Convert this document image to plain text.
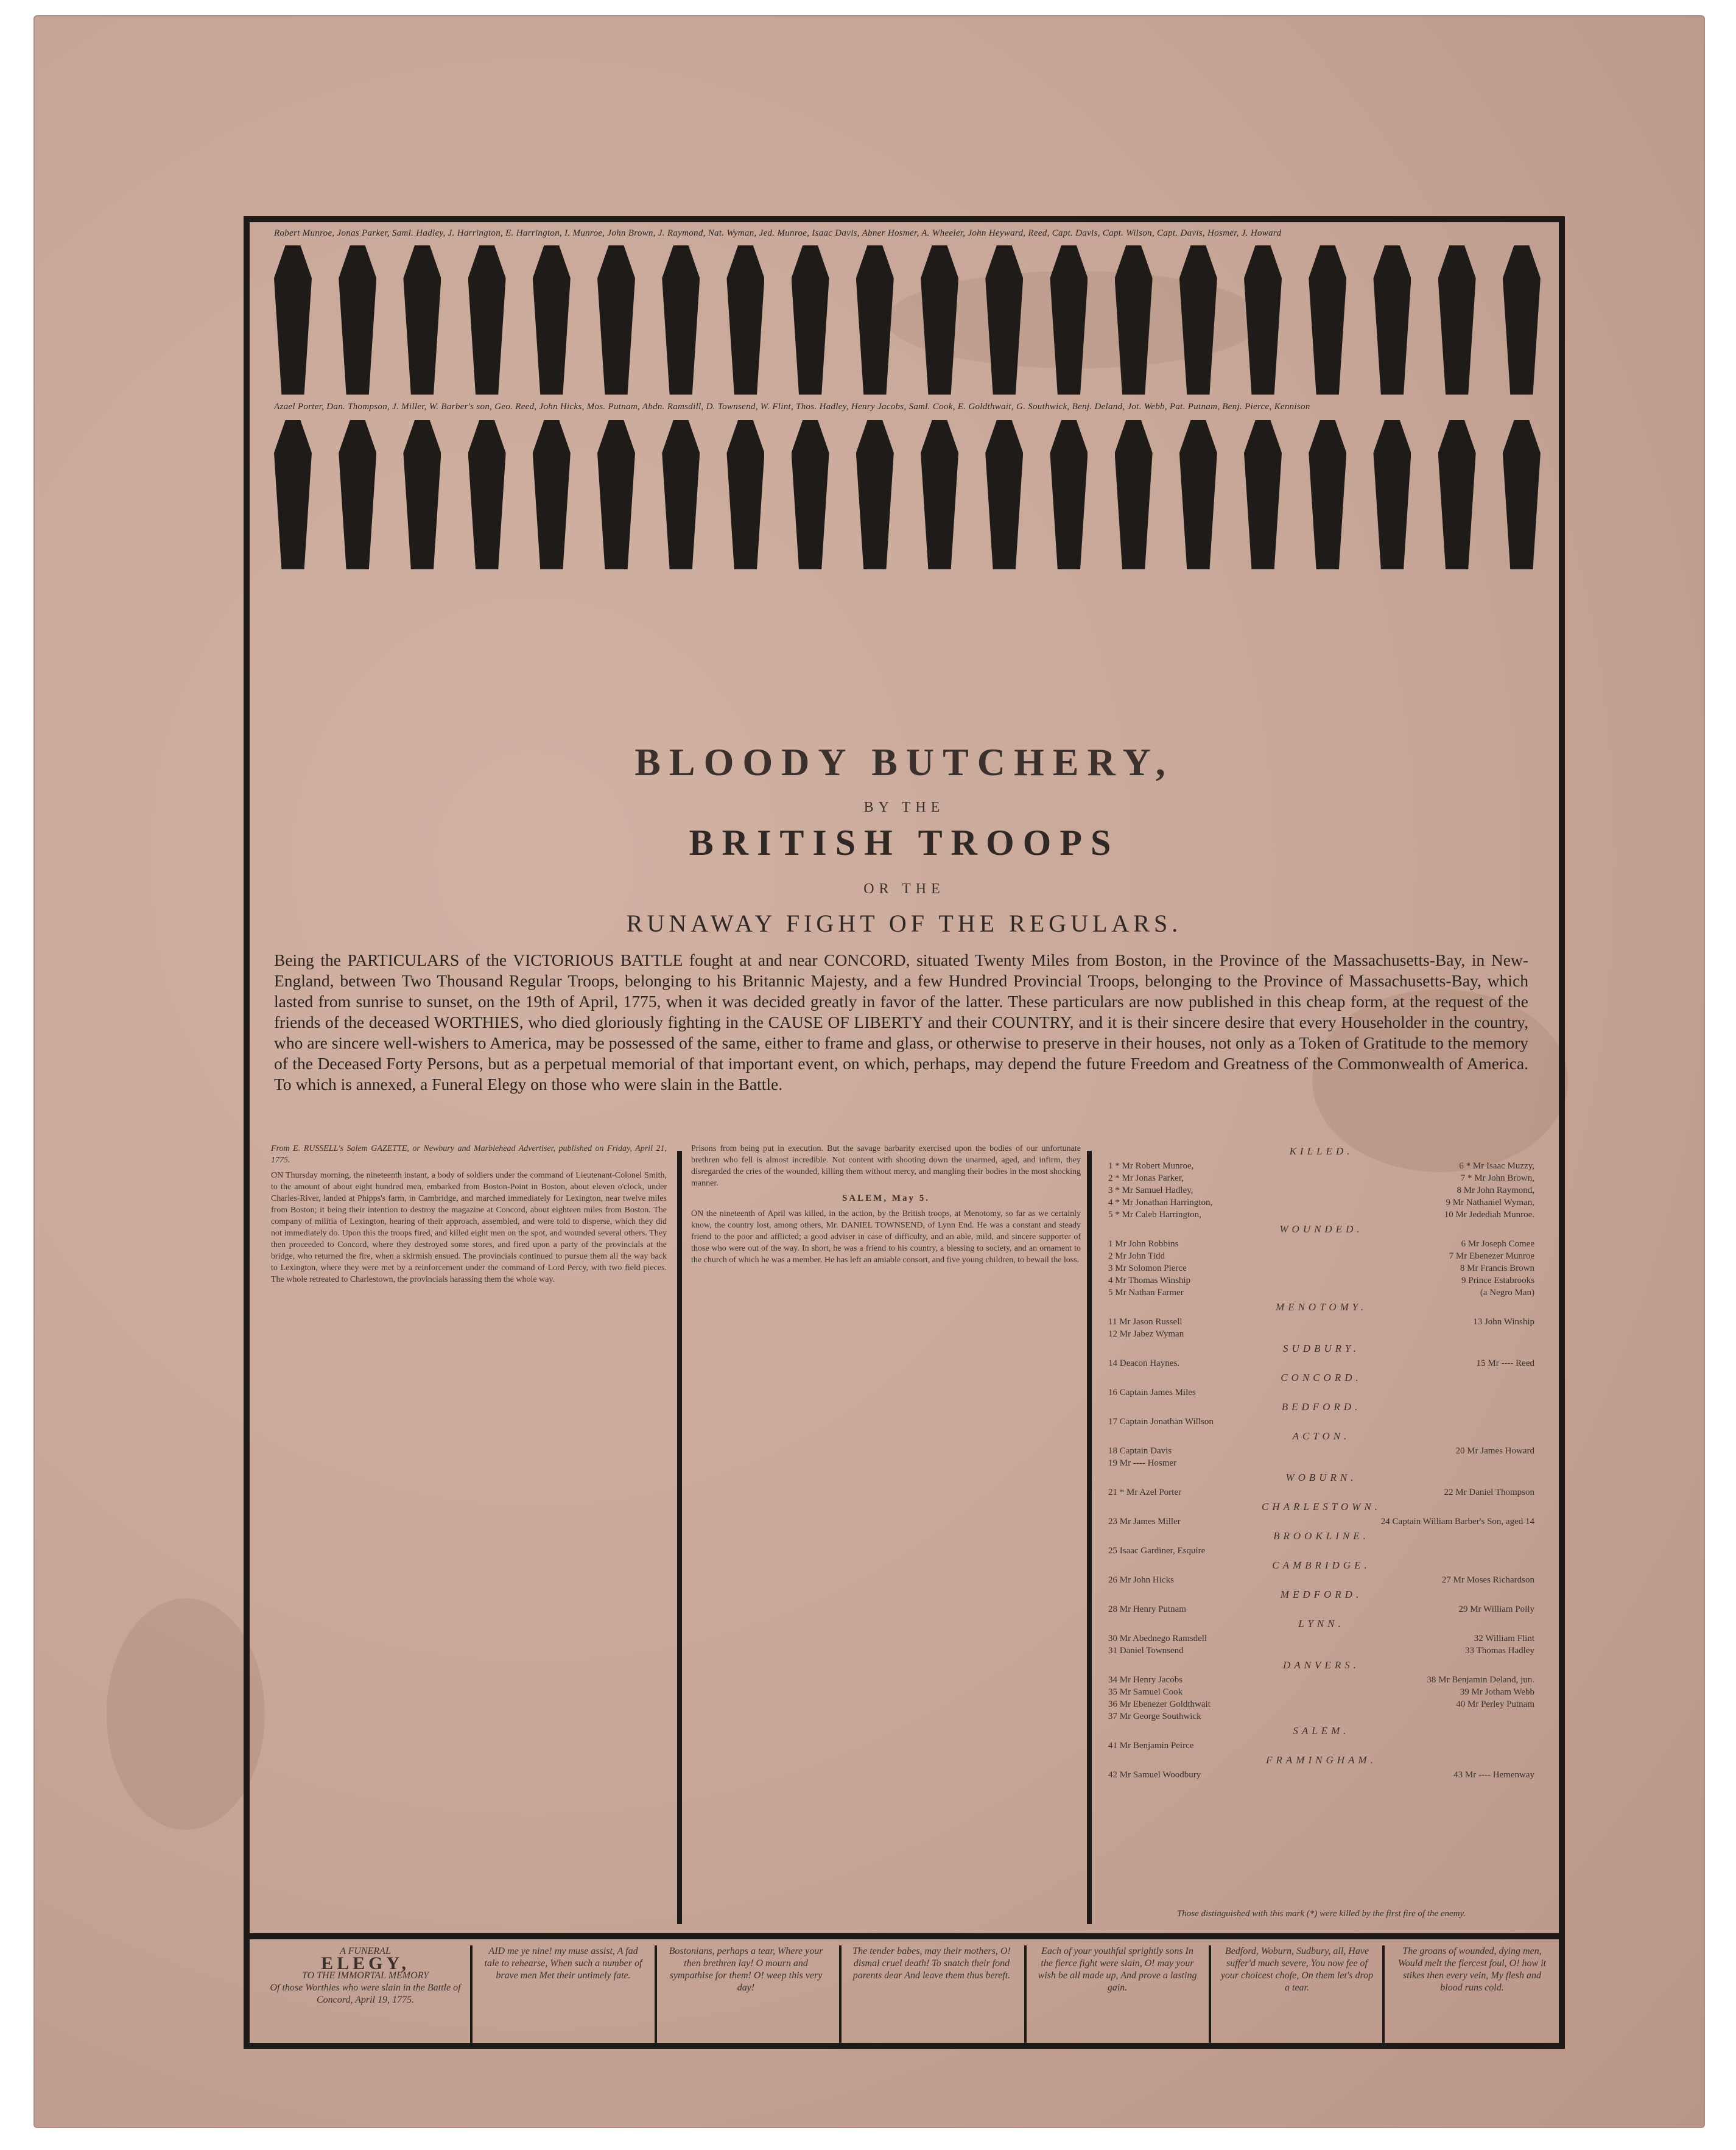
Robert Munroe, Jonas Parker, Saml. Hadley, J. Harrington, E. Harrington, I. Munroe, John Brown, J. Raymond, Nat. Wyman, Jed. Munroe, Isaac Davis, Abner Hosmer, A. Wheeler, John Heyward, Reed, Capt. Davis, Capt. Wilson, Capt. Davis, Hosmer, J. Howard
Azael Porter, Dan. Thompson, J. Miller, W. Barber's son, Geo. Reed, John Hicks, Mos. Putnam, Abdn. Ramsdill, D. Townsend, W. Flint, Thos. Hadley, Henry Jacobs, Saml. Cook, E. Goldthwait, G. Southwick, Benj. Deland, Jot. Webb, Pat. Putnam, Benj. Pierce, Kennison
BLOODY BUTCHERY,
BY THE
BRITISH TROOPS
OR THE
RUNAWAY FIGHT OF THE REGULARS.
Being the PARTICULARS of the VICTORIOUS BATTLE fought at and near CONCORD, situated Twenty Miles from Boston, in the Province of the Massachusetts-Bay, in New-England, between Two Thousand Regular Troops, belonging to his Britannic Majesty, and a few Hundred Provincial Troops, belonging to the Province of Massachusetts-Bay, which lasted from sunrise to sunset, on the 19th of April, 1775, when it was decided greatly in favor of the latter. These particulars are now published in this cheap form, at the request of the friends of the deceased WORTHIES, who died gloriously fighting in the CAUSE OF LIBERTY and their COUNTRY, and it is their sincere desire that every Householder in the country, who are sincere well-wishers to America, may be possessed of the same, either to frame and glass, or otherwise to preserve in their houses, not only as a Token of Gratitude to the memory of the Deceased Forty Persons, but as a perpetual memorial of that important event, on which, perhaps, may depend the future Freedom and Greatness of the Commonwealth of America. To which is annexed, a Funeral Elegy on those who were slain in the Battle.
From E. RUSSELL's Salem GAZETTE, or Newbury and Marblehead Advertiser, published on Friday, April 21, 1775.
ON Thursday morning, the nineteenth instant, a body of soldiers under the command of Lieutenant-Colonel Smith, to the amount of about eight hundred men, embarked from Boston-Point in Boston, about eleven o'clock, under Charles-River, landed at Phipps's farm, in Cambridge, and marched immediately for Lexington, near twelve miles from Boston; it being their intention to destroy the magazine at Concord, about eighteen miles from Boston. The company of militia of Lexington, hearing of their approach, assembled, and were told to disperse, which they did not immediately do. Upon this the troops fired, and killed eight men on the spot, and wounded several others. They then proceeded to Concord, where they destroyed some stores, and fired upon a party of the provincials at the bridge, who returned the fire, when a skirmish ensued. The provincials continued to pursue them all the way back to Lexington, where they were met by a reinforcement under the command of Lord Percy, with two field pieces. The whole retreated to Charlestown, the provincials harassing them the whole way.
Prisons from being put in execution. But the savage barbarity exercised upon the bodies of our unfortunate brethren who fell is almost incredible. Not content with shooting down the unarmed, aged, and infirm, they disregarded the cries of the wounded, killing them without mercy, and mangling their bodies in the most shocking manner.
SALEM, May 5.
ON the nineteenth of April was killed, in the action, by the British troops, at Menotomy, so far as we certainly know, the country lost, among others, Mr. DANIEL TOWNSEND, of Lynn End. He was a constant and steady friend to the poor and afflicted; a good adviser in case of difficulty, and an able, mild, and sincere supporter of those who were out of the way. In short, he was a friend to his country, a blessing to society, and an ornament to the church of which he was a member. He has left an amiable consort, and five young children, to bewail the loss.
KILLED.
1 * Mr Robert Munroe,	6 * Mr Isaac Muzzy,
2 * Mr Jonas Parker,	7 * Mr John Brown,
3 * Mr Samuel Hadley,	8 Mr John Raymond,
4 * Mr Jonathan Harrington,	9 Mr Nathaniel Wyman,
5 * Mr Caleb Harrington,	10 Mr Jedediah Munroe.
WOUNDED.
1 Mr John Robbins	6 Mr Joseph Comee
2 Mr John Tidd	7 Mr Ebenezer Munroe
3 Mr Solomon Pierce	8 Mr Francis Brown
4 Mr Thomas Winship	9 Prince Estabrooks
5 Mr Nathan Farmer	(a Negro Man)
MENOTOMY.
11 Mr Jason Russell	13 John Winship
12 Mr Jabez Wyman
SUDBURY.
14 Deacon Haynes.	15 Mr ---- Reed
CONCORD.
16 Captain James Miles
BEDFORD.
17 Captain Jonathan Willson
ACTON.
18 Captain Davis	20 Mr James Howard
19 Mr ---- Hosmer
WOBURN.
21 * Mr Azel Porter	22 Mr Daniel Thompson
CHARLESTOWN.
23 Mr James Miller	24 Captain William Barber's Son, aged 14
BROOKLINE.
25 Isaac Gardiner, Esquire
CAMBRIDGE.
26 Mr John Hicks	27 Mr Moses Richardson
MEDFORD.
28 Mr Henry Putnam	29 Mr William Polly
LYNN.
30 Mr Abednego Ramsdell	32 William Flint
31 Daniel Townsend	33 Thomas Hadley
DANVERS.
34 Mr Henry Jacobs	38 Mr Benjamin Deland, jun.
35 Mr Samuel Cook	39 Mr Jotham Webb
36 Mr Ebenezer Goldthwait	40 Mr Perley Putnam
37 Mr George Southwick
SALEM.
41 Mr Benjamin Peirce
FRAMINGHAM.
42 Mr Samuel Woodbury	43 Mr ---- Hemenway
Those distinguished with this mark (*) were killed by the first fire of the enemy.
A FUNERAL
ELEGY,
TO THE IMMORTAL MEMORY
Of those Worthies who were slain in the Battle of Concord, April 19, 1775.
AID me ye nine! my muse assist, A fad tale to rehearse, When such a number of brave men Met their untimely fate.
Bostonians, perhaps a tear, Where your then brethren lay! O mourn and sympathise for them! O! weep this very day!
The tender babes, may their mothers, O! dismal cruel death! To snatch their fond parents dear And leave them thus bereft.
Each of your youthful sprightly sons In the fierce fight were slain, O! may your wish be all made up, And prove a lasting gain.
Bedford, Woburn, Sudbury, all, Have suffer'd much severe, You now fee of your choicest chofe, On them let's drop a tear.
The groans of wounded, dying men, Would melt the fiercest foul, O! how it stikes then every vein, My flesh and blood runs cold.
